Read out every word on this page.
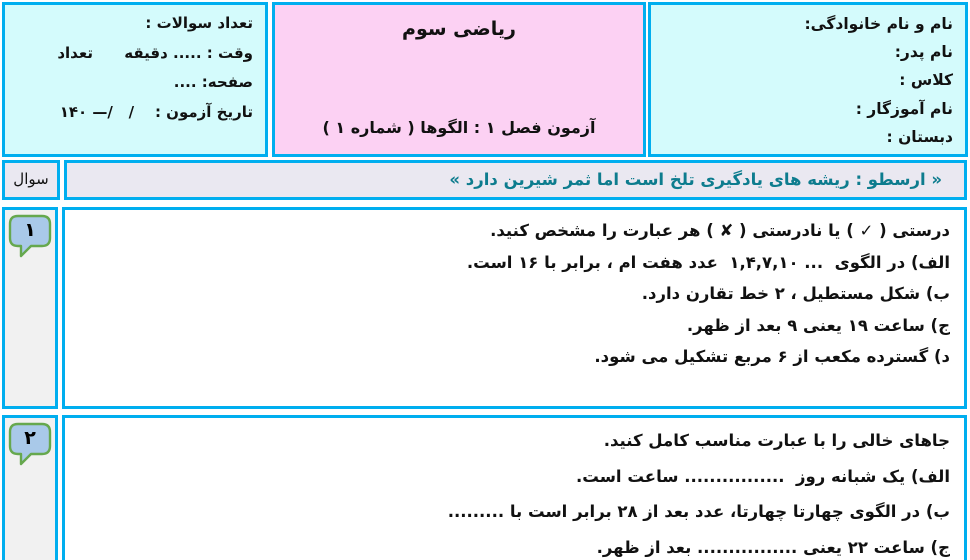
نام و نام خانوادگی:
نام پدر:
کلاس :
نام آموزگار :
دبستان :
ریاضی سوم
آزمون فصل ۱ : الگوها ( شماره ۱ )
تعداد سوالات :
وقت : ..... دقیقه      تعداد صفحه: ....
تاریخ آزمون :    /   /— ۱۴۰
سوال	« ارسطو : ریشه های یادگیری تلخ است اما ثمر شیرین دارد »
۱	درستی ( ✓ ) یا نادرستی ( ✘ ) هر عبارت را مشخص کنید.
الف) در الگوی  ... ۱,۴,۷,۱۰  عدد هفت ام ، برابر با ۱۶ است.
ب) شکل مستطیل ، ۲ خط تقارن دارد.
ج) ساعت ۱۹ یعنی ۹ بعد از ظهر.
د) گسترده مکعب از ۶ مربع تشکیل می شود.
۲	جاهای خالی را با عبارت مناسب کامل کنید.
الف) یک شبانه روز  ................ ساعت است.
ب) در الگوی چهارتا چهارتا، عدد بعد از ۲۸ برابر است با .........
ج) ساعت ۲۲ یعنی ................ بعد از ظهر.
